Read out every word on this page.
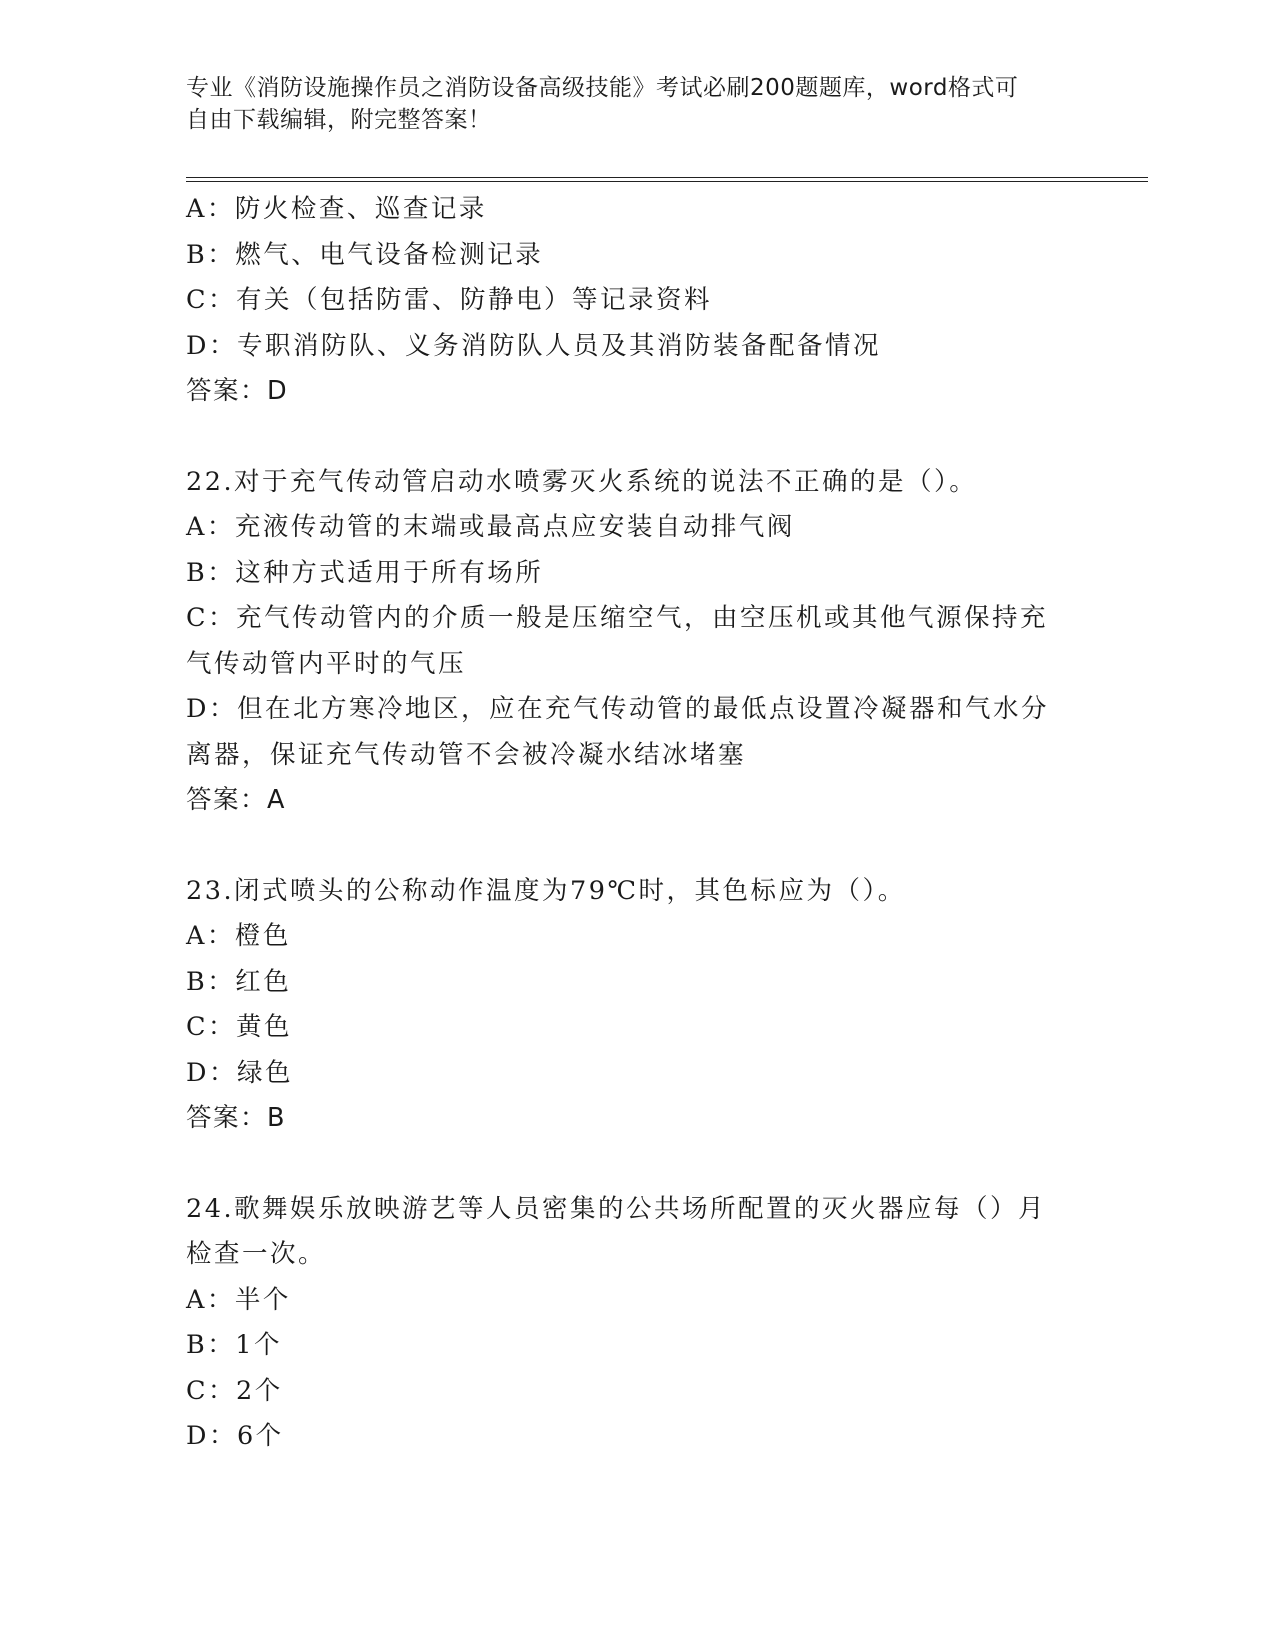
专业《消防设施操作员之消防设备高级技能》考试必刷200题题库，word格式可
自由下载编辑，附完整答案！
A：防火检查、巡查记录
B：燃气、电气设备检测记录
C：有关（包括防雷、防静电）等记录资料
D：专职消防队、义务消防队人员及其消防装备配备情况
答案：D
22.对于充气传动管启动水喷雾灭火系统的说法不正确的是（）。
A：充液传动管的末端或最高点应安装自动排气阀
B：这种方式适用于所有场所
C：充气传动管内的介质一般是压缩空气，由空压机或其他气源保持充
气传动管内平时的气压
D：但在北方寒冷地区，应在充气传动管的最低点设置冷凝器和气水分
离器，保证充气传动管不会被冷凝水结冰堵塞
答案：A
23.闭式喷头的公称动作温度为79℃时，其色标应为（）。
A：橙色
B：红色
C：黄色
D：绿色
答案：B
24.歌舞娱乐放映游艺等人员密集的公共场所配置的灭火器应每（）月
检查一次。
A：半个
B：1个
C：2个
D：6个
